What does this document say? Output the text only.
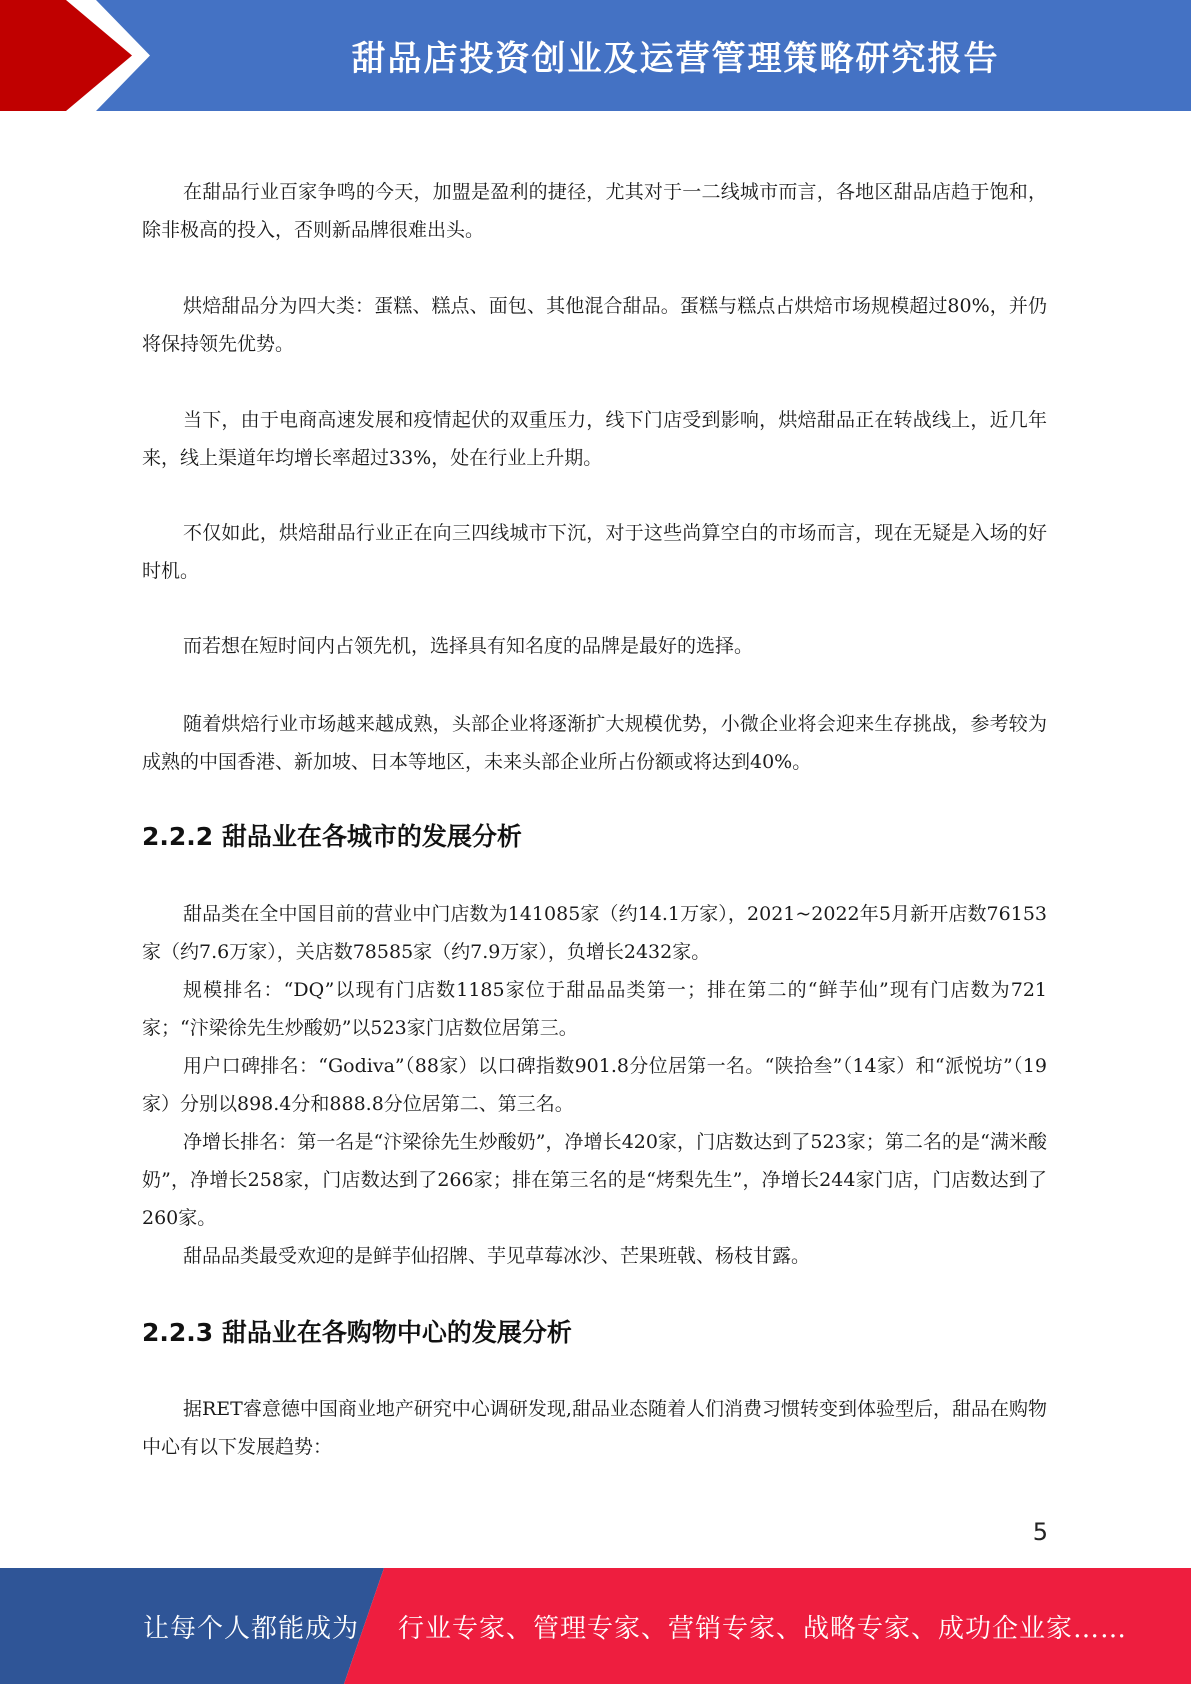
甜品店投资创业及运营管理策略研究报告
在甜品行业百家争鸣的今天，加盟是盈利的捷径，尤其对于一二线城市而言，各地区甜品店趋于饱和，除非极高的投入，否则新品牌很难出头。
烘焙甜品分为四大类：蛋糕、糕点、面包、其他混合甜品。蛋糕与糕点占烘焙市场规模超过80%，并仍将保持领先优势。
当下，由于电商高速发展和疫情起伏的双重压力，线下门店受到影响，烘焙甜品正在转战线上，近几年来，线上渠道年均增长率超过33%，处在行业上升期。
不仅如此，烘焙甜品行业正在向三四线城市下沉，对于这些尚算空白的市场而言，现在无疑是入场的好时机。
而若想在短时间内占领先机，选择具有知名度的品牌是最好的选择。
随着烘焙行业市场越来越成熟，头部企业将逐渐扩大规模优势，小微企业将会迎来生存挑战，参考较为成熟的中国香港、新加坡、日本等地区，未来头部企业所占份额或将达到40%。
2.2.2 甜品业在各城市的发展分析
甜品类在全中国目前的营业中门店数为141085家（约14.1万家），2021~2022年5月新开店数76153家（约7.6万家），关店数78585家（约7.9万家），负增长2432家。
规模排名：“DQ”以现有门店数1185家位于甜品品类第一；排在第二的“鲜芋仙”现有门店数为721家；“汴梁徐先生炒酸奶”以523家门店数位居第三。
用户口碑排名：“Godiva”（88家）以口碑指数901.8分位居第一名。“陕拾叁”（14家）和“派悦坊”（19家）分别以898.4分和888.8分位居第二、第三名。
净增长排名：第一名是“汴梁徐先生炒酸奶”，净增长420家，门店数达到了523家；第二名的是“满米酸奶”，净增长258家，门店数达到了266家；排在第三名的是“烤梨先生”，净增长244家门店，门店数达到了260家。
甜品品类最受欢迎的是鲜芋仙招牌、芋见草莓冰沙、芒果班戟、杨枝甘露。
2.2.3 甜品业在各购物中心的发展分析
据RET睿意德中国商业地产研究中心调研发现,甜品业态随着人们消费习惯转变到体验型后，甜品在购物中心有以下发展趋势：
5
让每个人都能成为 行业专家、管理专家、营销专家、战略专家、成功企业家……
